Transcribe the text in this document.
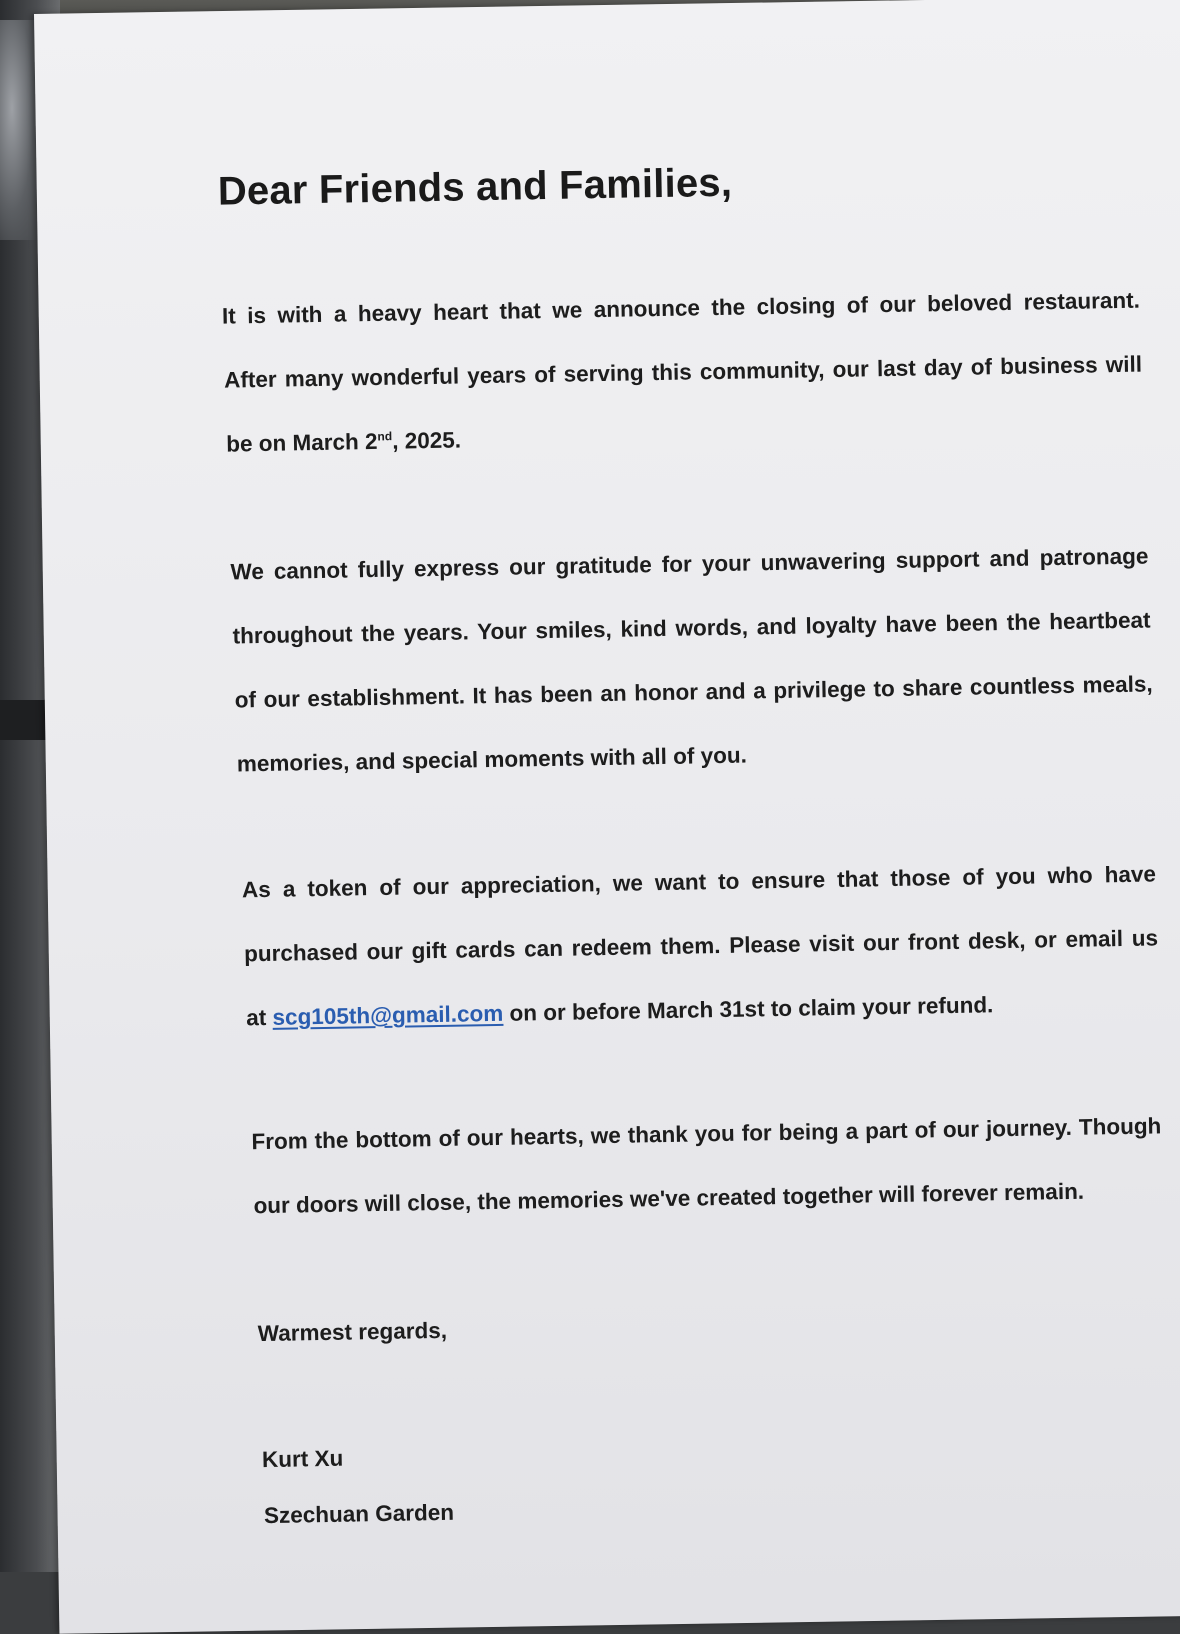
Dear Friends and Families,
It is with a heavy heart that we announce the closing of our beloved restaurant.
After many wonderful years of serving this community, our last day of business will
be on March 2nd, 2025.
We cannot fully express our gratitude for your unwavering support and patronage
throughout the years. Your smiles, kind words, and loyalty have been the heartbeat
of our establishment. It has been an honor and a privilege to share countless meals,
memories, and special moments with all of you.
As a token of our appreciation, we want to ensure that those of you who have
purchased our gift cards can redeem them. Please visit our front desk, or email us
at scg105th@gmail.com on or before March 31st to claim your refund.
From the bottom of our hearts, we thank you for being a part of our journey. Though
our doors will close, the memories we've created together will forever remain.
Warmest regards,
Kurt Xu
Szechuan Garden
